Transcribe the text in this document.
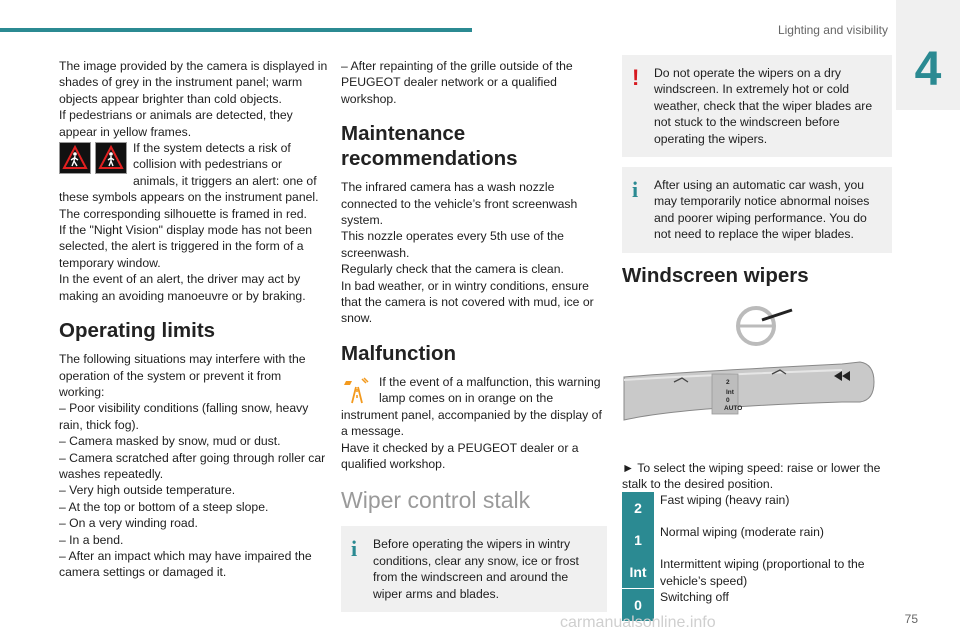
Lighting and visibility
4

The image provided by the camera is displayed in shades of grey in the instrument panel; warm objects appear brighter than cold objects.

If pedestrians or animals are detected, they appear in yellow frames.

If the system detects a risk of collision with pedestrians or animals, it triggers an alert: one of these symbols appears on the instrument panel. The corresponding silhouette is framed in red.

If the "Night Vision" display mode has not been selected, the alert is triggered in the form of a temporary window.

In the event of an alert, the driver may act by making an avoiding manoeuvre or by braking.

Operating limits

The following situations may interfere with the operation of the system or prevent it from working:

– Poor visibility conditions (falling snow, heavy rain, thick fog).

– Camera masked by snow, mud or dust.

– Camera scratched after going through roller car washes repeatedly.

– Very high outside temperature.

– At the top or bottom of a steep slope.

– On a very winding road.

– In a bend.

– After an impact which may have impaired the camera settings or damaged it.

– After repainting of the grille outside of the PEUGEOT dealer network or a qualified workshop.

Maintenance recommendations

The infrared camera has a wash nozzle connected to the vehicle’s front screenwash system.

This nozzle operates every 5th use of the screenwash.

Regularly check that the camera is clean.

In bad weather, or in wintry conditions, ensure that the camera is not covered with mud, ice or snow.

Malfunction

If the event of a malfunction, this warning lamp comes on in orange on the instrument panel, accompanied by the display of a message.

Have it checked by a PEUGEOT dealer or a qualified workshop.

Wiper control stalk
i	Before operating the wipers in wintry conditions, clear any snow, ice or frost from the windscreen and around the wiper arms and blades.

!	Do not operate the wipers on a dry windscreen. In extremely hot or cold weather, check that the wiper blades are not stuck to the windscreen before operating the wipers.

i	After using an automatic car wash, you may temporarily notice abnormal noises and poorer wiping performance. You do not need to replace the wiper blades.

Windscreen wipers
2
Int
0
AUTO

► To select the wiping speed: raise or lower the stalk to the desired position.

2	Fast wiping (heavy rain)
1	Normal wiping (moderate rain)
Int	Intermittent wiping (proportional to the vehicle’s speed)
0	Switching off
carmanualsonline.info	75
